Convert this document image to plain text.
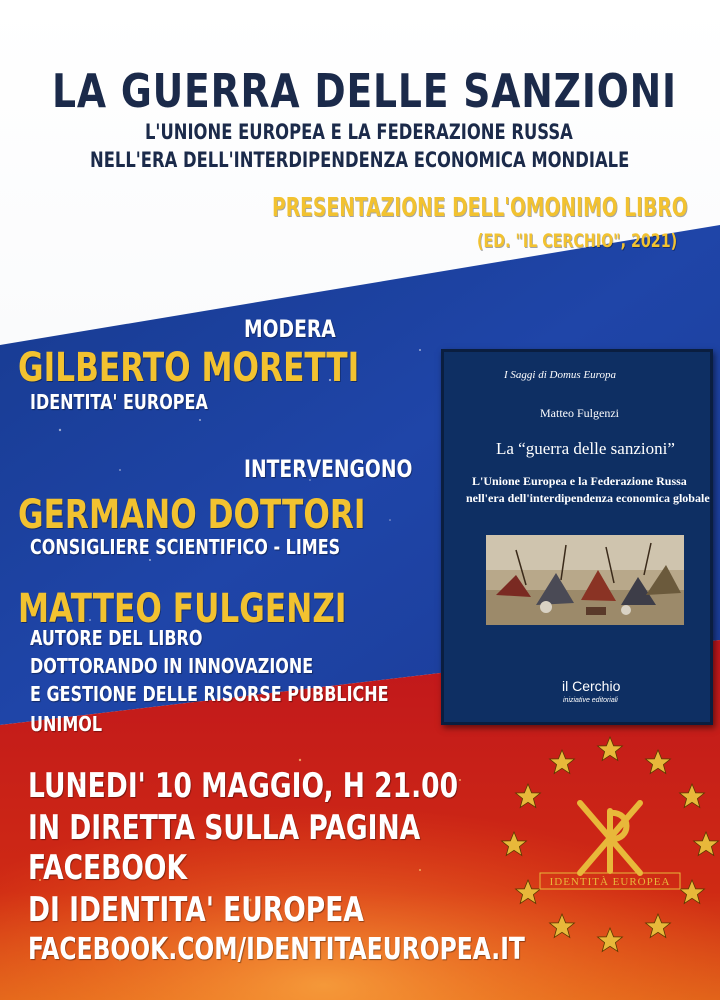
LA GUERRA DELLE SANZIONI

L'UNIONE EUROPEA E LA FEDERAZIONE RUSSA

NELL'ERA DELL'INTERDIPENDENZA ECONOMICA MONDIALE

PRESENTAZIONE DELL'OMONIMO LIBRO

(ED. "IL CERCHIO", 2021)

MODERA

GILBERTO MORETTI

IDENTITA' EUROPEA

INTERVENGONO

GERMANO DOTTORI

CONSIGLIERE SCIENTIFICO - LIMES

MATTEO FULGENZI

AUTORE DEL LIBRO

DOTTORANDO IN INNOVAZIONE

E GESTIONE DELLE RISORSE PUBBLICHE

UNIMOL

I Saggi di Domus Europa

Matteo Fulgenzi

La “guerra delle sanzioni”

L'Unione Europea e la Federazione Russa

nell'era dell'interdipendenza economica globale

il Cerchio

iniziative editoriali

LUNEDI' 10 MAGGIO, H 21.00

IN DIRETTA SULLA PAGINA

FACEBOOK

DI IDENTITA' EUROPEA

FACEBOOK.COM/IDENTITAEUROPEA.IT

IDENTITÀ EUROPEA
